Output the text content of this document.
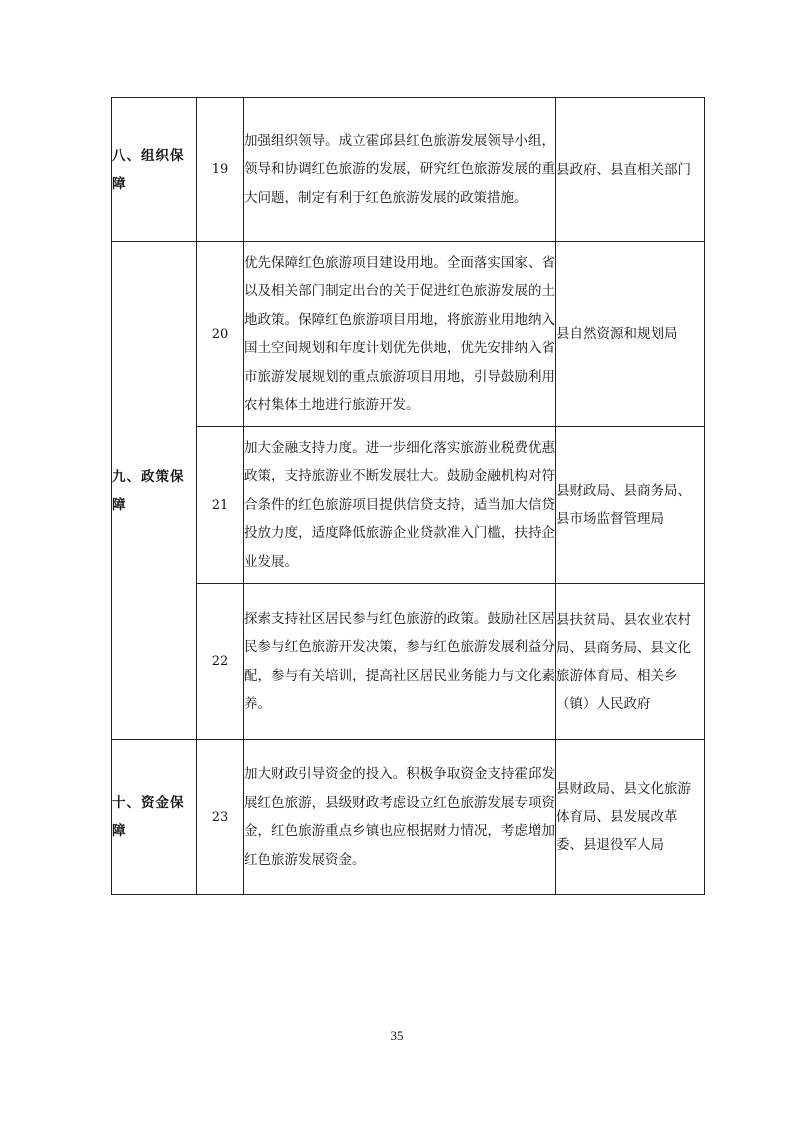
八、组织保障	19	加强组织领导。成立霍邱县红色旅游发展领导小组，领导和协调红色旅游的发展，研究红色旅游发展的重大问题，制定有利于红色旅游发展的政策措施。	县政府、县直相关部门
九、政策保障	20	优先保障红色旅游项目建设用地。全面落实国家、省以及相关部门制定出台的关于促进红色旅游发展的土地政策。保障红色旅游项目用地，将旅游业用地纳入国土空间规划和年度计划优先供地，优先安排纳入省市旅游发展规划的重点旅游项目用地，引导鼓励利用农村集体土地进行旅游开发。	县自然资源和规划局
	21	加大金融支持力度。进一步细化落实旅游业税费优惠政策，支持旅游业不断发展壮大。鼓励金融机构对符合条件的红色旅游项目提供信贷支持，适当加大信贷投放力度，适度降低旅游企业贷款准入门槛，扶持企业发展。	县财政局、县商务局、县市场监督管理局
	22	探索支持社区居民参与红色旅游的政策。鼓励社区居民参与红色旅游开发决策，参与红色旅游发展利益分配，参与有关培训，提高社区居民业务能力与文化素养。	县扶贫局、县农业农村局、县商务局、县文化旅游体育局、相关乡（镇）人民政府
十、资金保障	23	加大财政引导资金的投入。积极争取资金支持霍邱发展红色旅游，县级财政考虑设立红色旅游发展专项资金，红色旅游重点乡镇也应根据财力情况，考虑增加红色旅游发展资金。	县财政局、县文化旅游体育局、县发展改革委、县退役军人局
35
